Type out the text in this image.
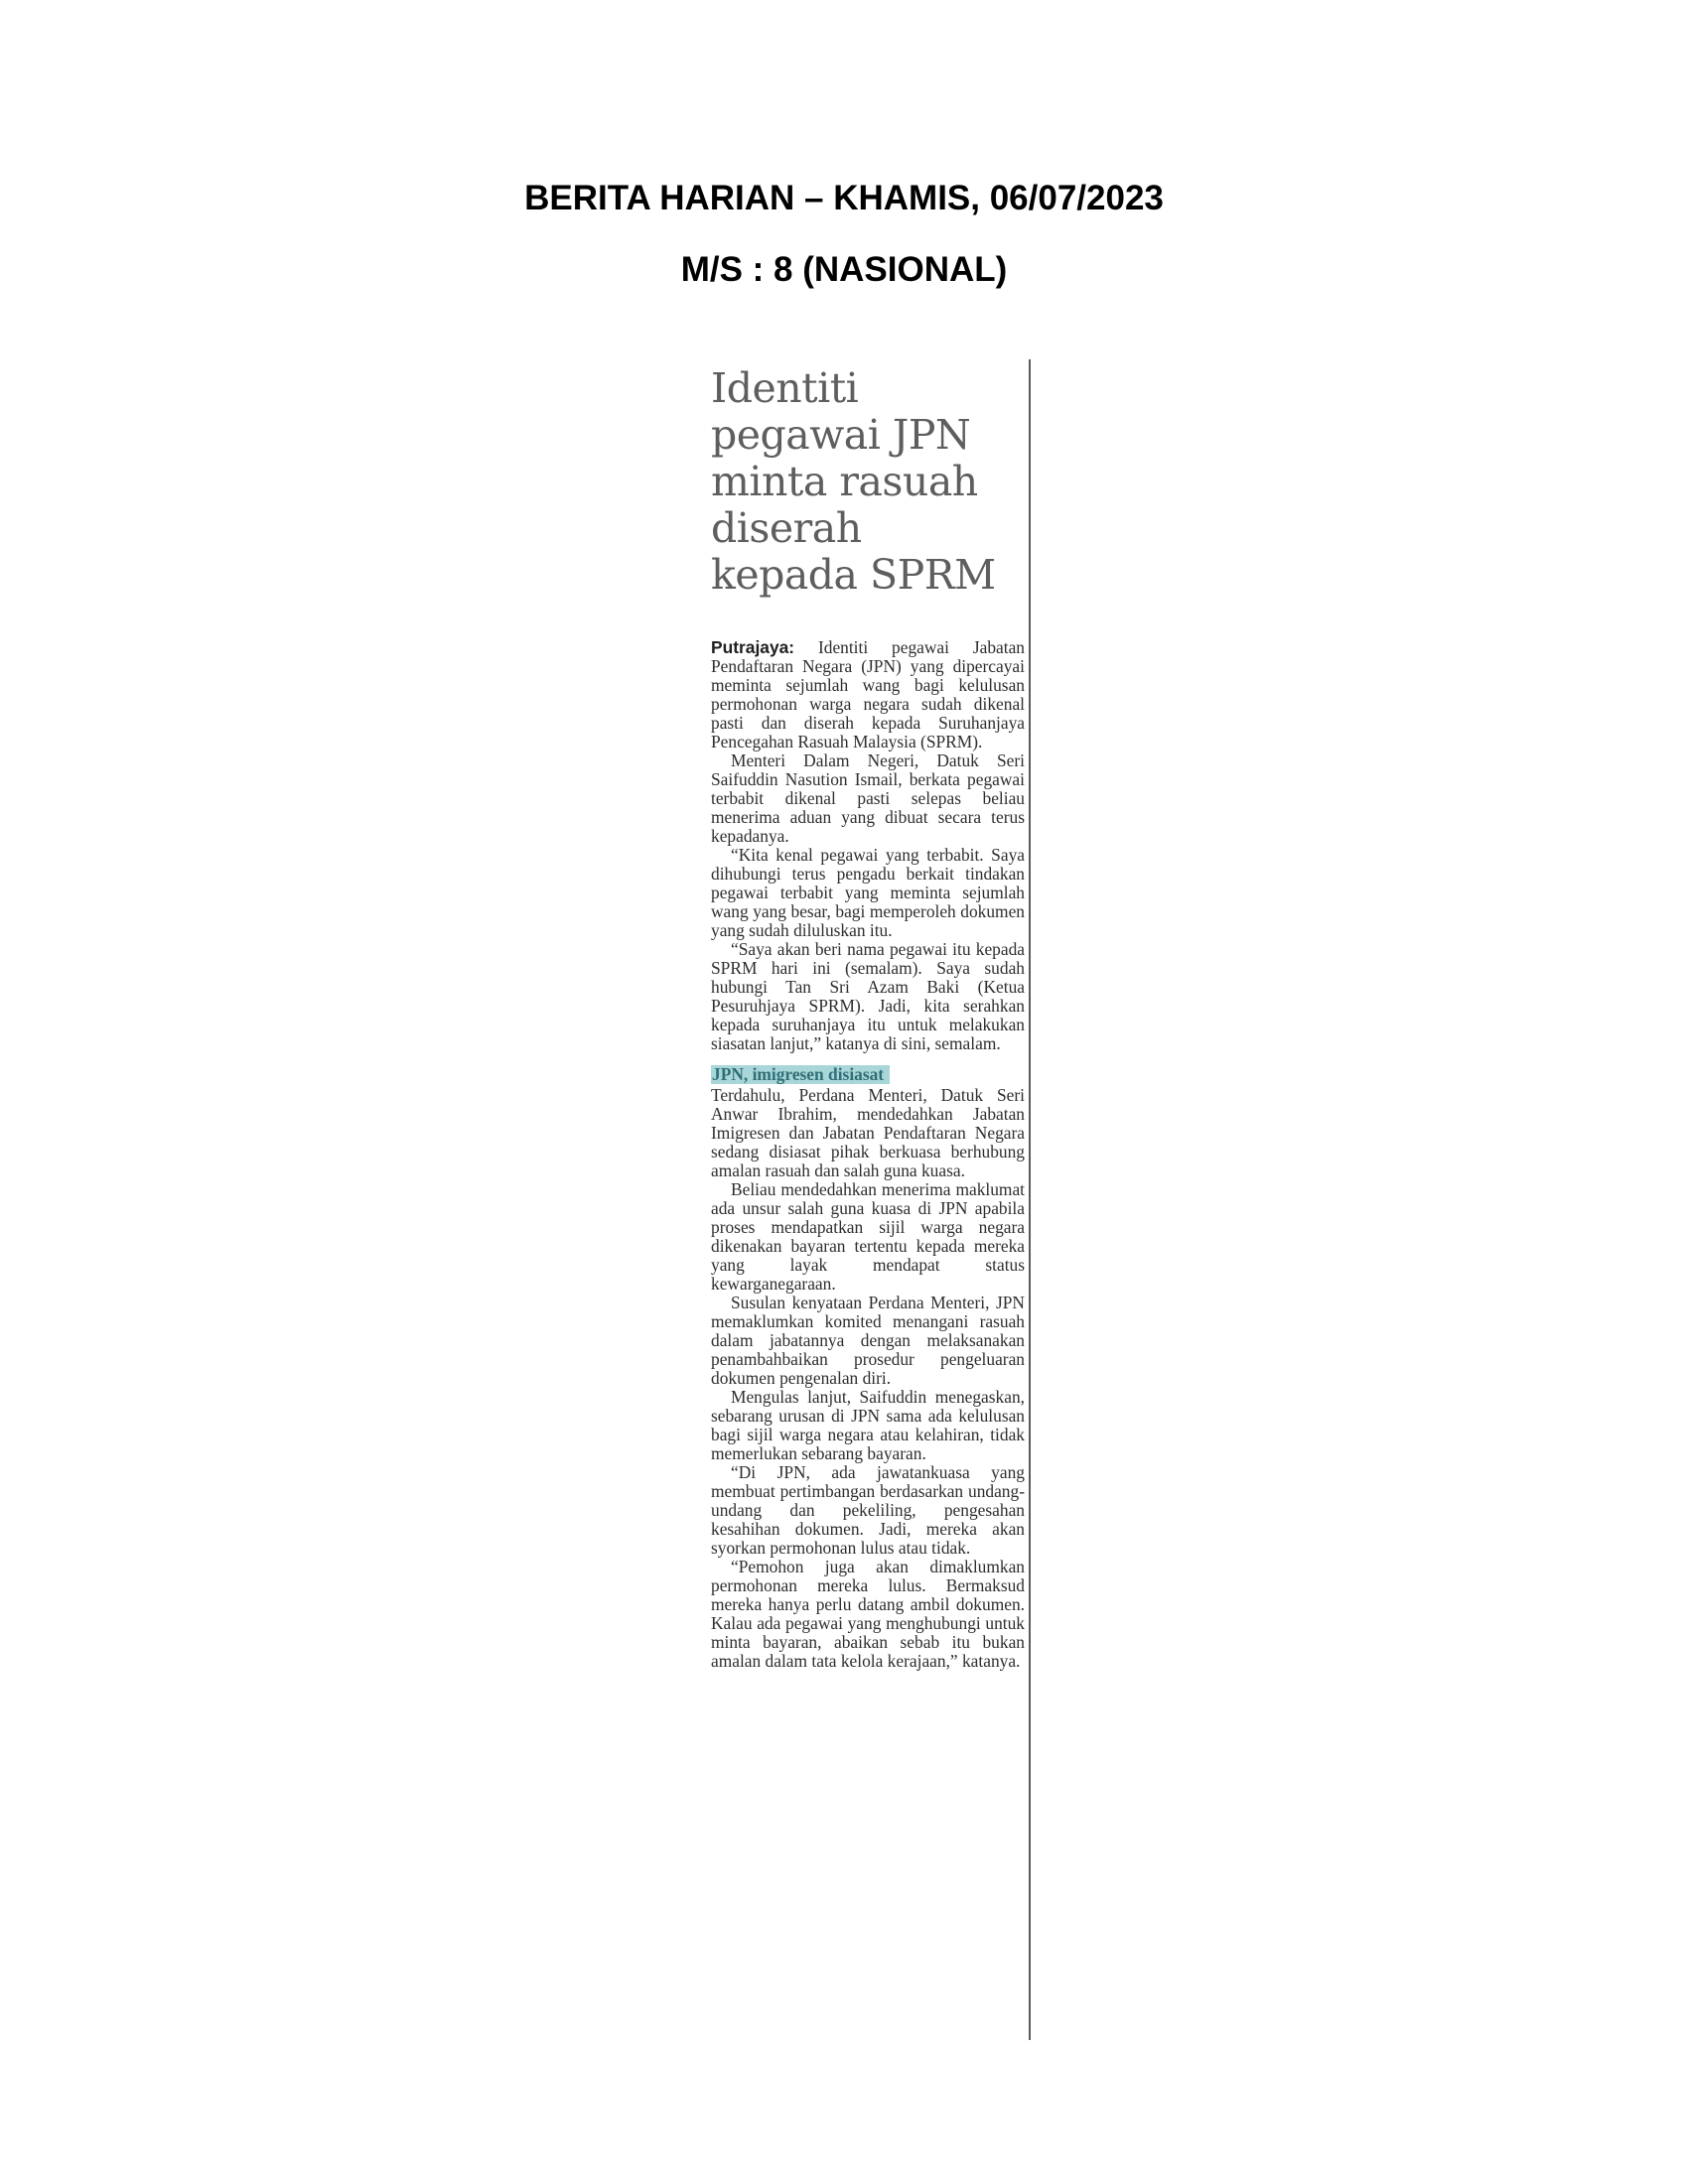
BERITA HARIAN – KHAMIS, 06/07/2023
M/S : 8 (NASIONAL)
Identiti
pegawai JPN
minta rasuah
diserah
kepada SPRM

Putrajaya: Identiti pegawai Jabatan Pendaftaran Negara (JPN) yang dipercayai meminta sejumlah wang bagi kelulusan permohonan warga negara sudah dikenal pasti dan diserah kepada Suruhanjaya Pencegahan Rasuah Malaysia (SPRM).

Menteri Dalam Negeri, Datuk Seri Saifuddin Nasution Ismail, berkata pegawai terbabit dikenal pasti selepas beliau menerima aduan yang dibuat secara terus kepadanya.

“Kita kenal pegawai yang terbabit. Saya dihubungi terus pengadu berkait tindakan pegawai terbabit yang meminta sejumlah wang yang besar, bagi memperoleh dokumen yang sudah diluluskan itu.

“Saya akan beri nama pegawai itu kepada SPRM hari ini (semalam). Saya sudah hubungi Tan Sri Azam Baki (Ketua Pesuruhjaya SPRM). Jadi, kita serahkan kepada suruhanjaya itu untuk melakukan siasatan lanjut,” katanya di sini, semalam.

JPN, imigresen disiasat

Terdahulu, Perdana Menteri, Datuk Seri Anwar Ibrahim, mendedahkan Jabatan Imigresen dan Jabatan Pendaftaran Negara sedang disiasat pihak berkuasa berhubung amalan rasuah dan salah guna kuasa.

Beliau mendedahkan menerima maklumat ada unsur salah guna kuasa di JPN apabila proses mendapatkan sijil warga negara dikenakan bayaran tertentu kepada mereka yang layak mendapat status kewarganegaraan.

Susulan kenyataan Perdana Menteri, JPN memaklumkan komited menangani rasuah dalam jabatannya dengan melaksanakan penambahbaikan prosedur pengeluaran dokumen pengenalan diri.

Mengulas lanjut, Saifuddin menegaskan, sebarang urusan di JPN sama ada kelulusan bagi sijil warga negara atau kelahiran, tidak memerlukan sebarang bayaran.

“Di JPN, ada jawatankuasa yang membuat pertimbangan berdasarkan undang-undang dan pekeliling, pengesahan kesahihan dokumen. Jadi, mereka akan syorkan permohonan lulus atau tidak.

“Pemohon juga akan dimaklumkan permohonan mereka lulus. Bermaksud mereka hanya perlu datang ambil dokumen. Kalau ada pegawai yang menghubungi untuk minta bayaran, abaikan sebab itu bukan amalan dalam tata kelola kerajaan,” katanya.
